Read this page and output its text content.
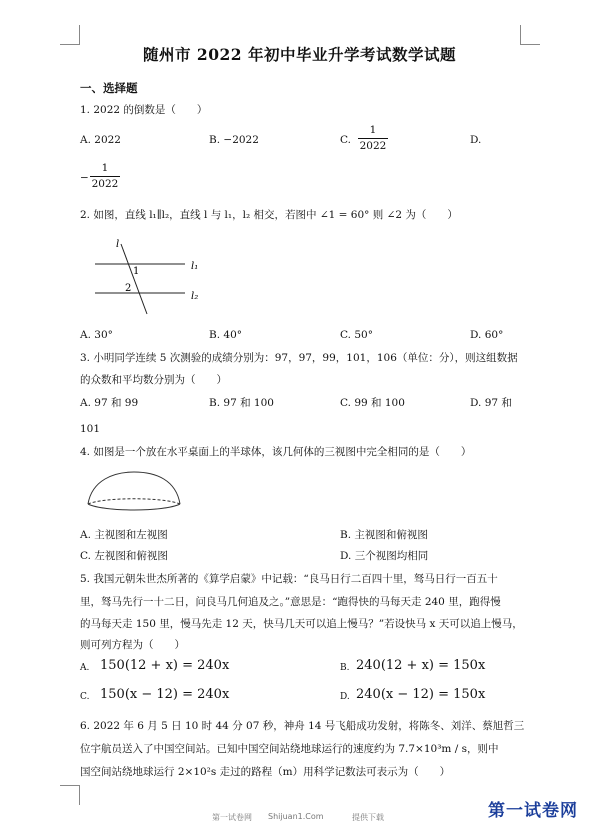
随州市 2022 年初中毕业升学考试数学试题
一、选择题
1. 2022 的倒数是（　　）
A. 2022	B. −2022	C.
1
2022	D.
−
1
2022
2. 如图，直线 l₁∥l₂，直线 l 与 l₁，l₂ 相交，若图中 ∠1 = 60° 则 ∠2 为（　　）
l
l₁
l₂
1
2
A. 30°	B. 40°	C. 50°	D. 60°
3. 小明同学连续 5 次测验的成绩分别为：97，97，99，101，106（单位：分），则这组数据
的众数和平均数分别为（　　）
A. 97 和 99	B. 97 和 100	C. 99 和 100	D. 97 和
101
4. 如图是一个放在水平桌面上的半球体，该几何体的三视图中完全相同的是（　　）
A. 主视图和左视图	B. 主视图和俯视图
C. 左视图和俯视图	D. 三个视图均相同
5. 我国元朝朱世杰所著的《算学启蒙》中记载：“良马日行二百四十里，驽马日行一百五十
里，驽马先行一十二日，问良马几何追及之。”意思是：“跑得快的马每天走 240 里，跑得慢
的马每天走 150 里，慢马先走 12 天，快马几天可以追上慢马？”若设快马 x 天可以追上慢马，
则可列方程为（　　）
A. 150(12 + x) = 240x	B. 240(12 + x) = 150x
C. 150(x − 12) = 240x	D. 240(x − 12) = 150x
6. 2022 年 6 月 5 日 10 时 44 分 07 秒，神舟 14 号飞船成功发射，将陈冬、刘洋、蔡旭哲三
位宇航员送入了中国空间站。已知中国空间站绕地球运行的速度约为 7.7×10³m / s，则中
国空间站绕地球运行 2×10²s 走过的路程（m）用科学记数法可表示为（　　）
第一试卷网 Shijuan1.Com	提供下载	第一试卷网
